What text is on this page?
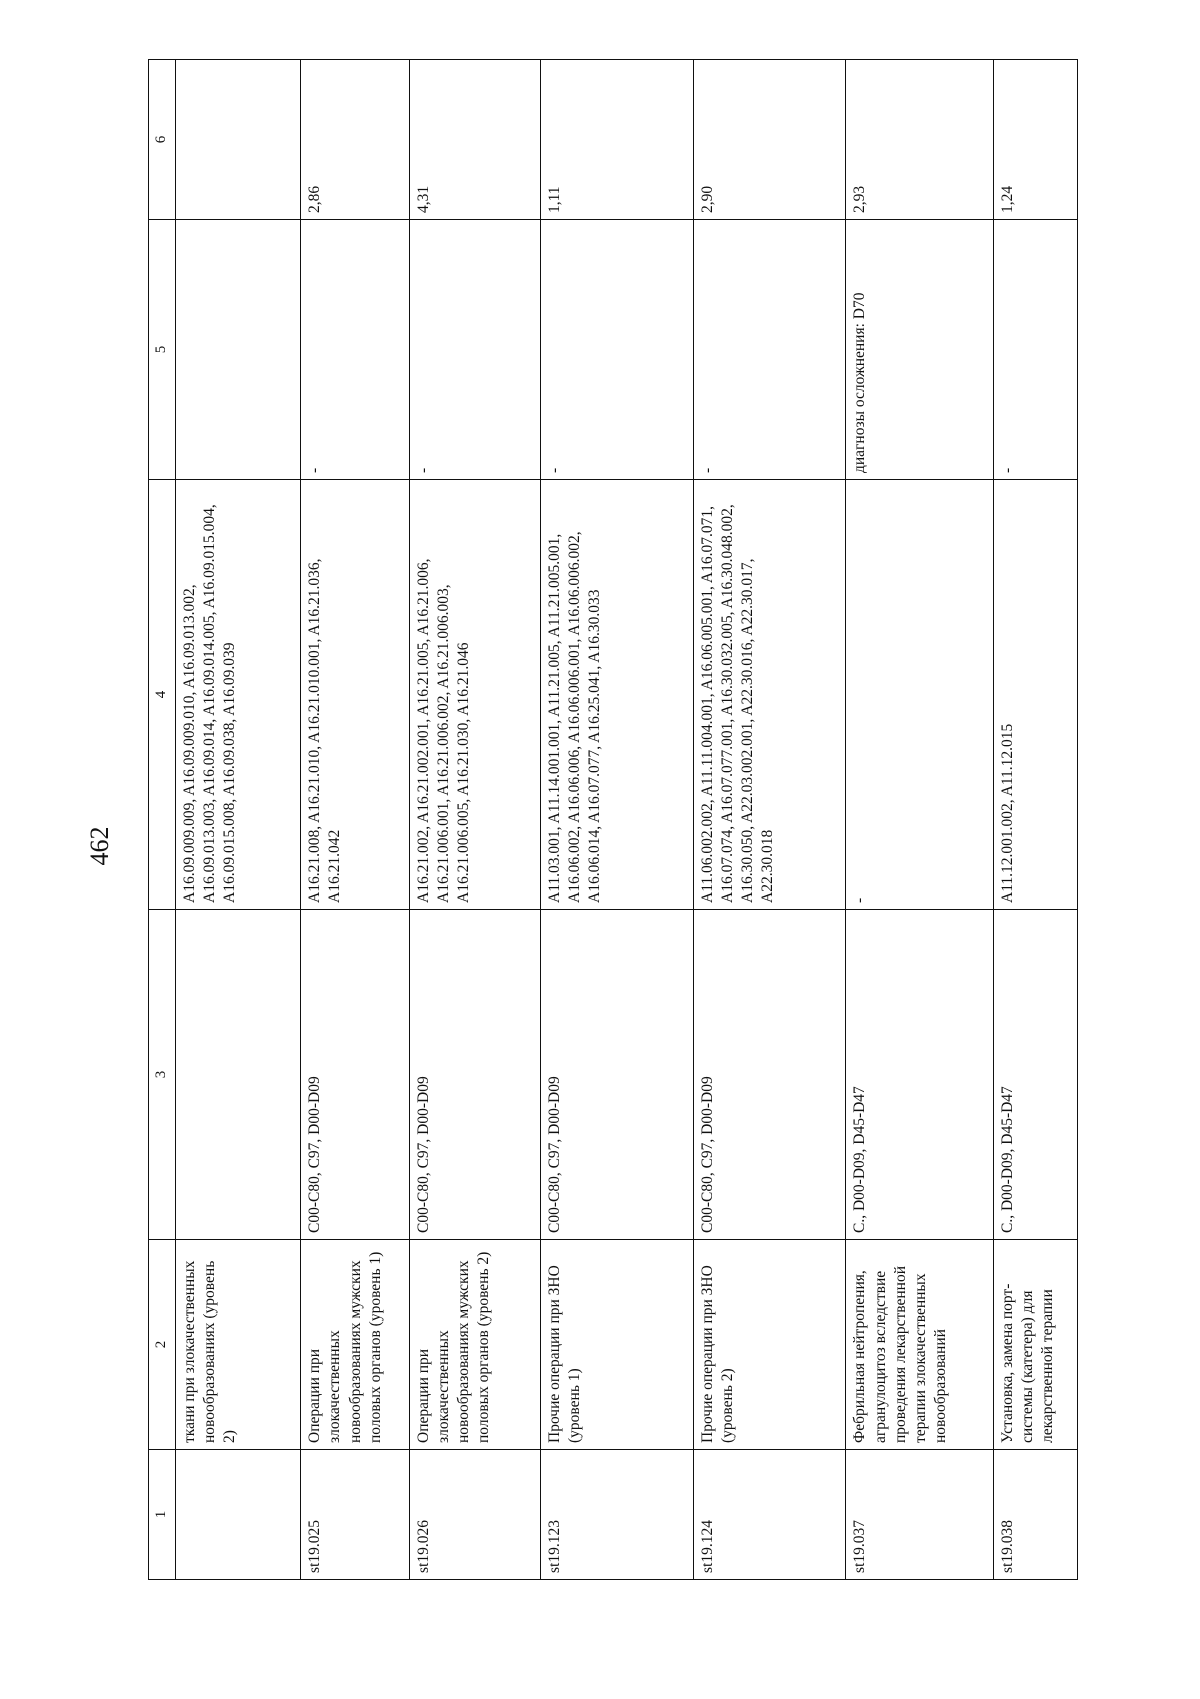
462
1	2	3	4	5	6
	ткани при злокачественных новообразованиях (уровень 2)		A16.09.009.009, A16.09.009.010, A16.09.013.002, A16.09.013.003, A16.09.014, A16.09.014.005, A16.09.015.004, A16.09.015.008, A16.09.038, A16.09.039		
st19.025	Операции при злокачественных новообразованиях мужских половых органов (уровень 1)	C00-C80, C97, D00-D09	A16.21.008, A16.21.010, A16.21.010.001, A16.21.036, A16.21.042	-	2,86
st19.026	Операции при злокачественных новообразованиях мужских половых органов (уровень 2)	C00-C80, C97, D00-D09	A16.21.002, A16.21.002.001, A16.21.005, A16.21.006, A16.21.006.001, A16.21.006.002, A16.21.006.003, A16.21.006.005, A16.21.030, A16.21.046	-	4,31
st19.123	Прочие операции при ЗНО (уровень 1)	C00-C80, C97, D00-D09	A11.03.001, A11.14.001.001, A11.21.005, A11.21.005.001, A16.06.002, A16.06.006, A16.06.006.001, A16.06.006.002, A16.06.014, A16.07.077, A16.25.041, A16.30.033	-	1,11
st19.124	Прочие операции при ЗНО (уровень 2)	C00-C80, C97, D00-D09	A11.06.002.002, A11.11.004.001, A16.06.005.001, A16.07.071, A16.07.074, A16.07.077.001, A16.30.032.005, A16.30.048.002, A16.30.050, A22.03.002.001, A22.30.016, A22.30.017, A22.30.018	-	2,90
st19.037	Фебрильная нейтропения, агранулоцитоз вследствие проведения лекарственной терапии злокачественных новообразований	C., D00-D09, D45-D47	-	диагнозы осложнения: D70	2,93
st19.038	Установка, замена порт-системы (катетера) для лекарственной терапии	C., D00-D09, D45-D47	A11.12.001.002, A11.12.015	-	1,24
